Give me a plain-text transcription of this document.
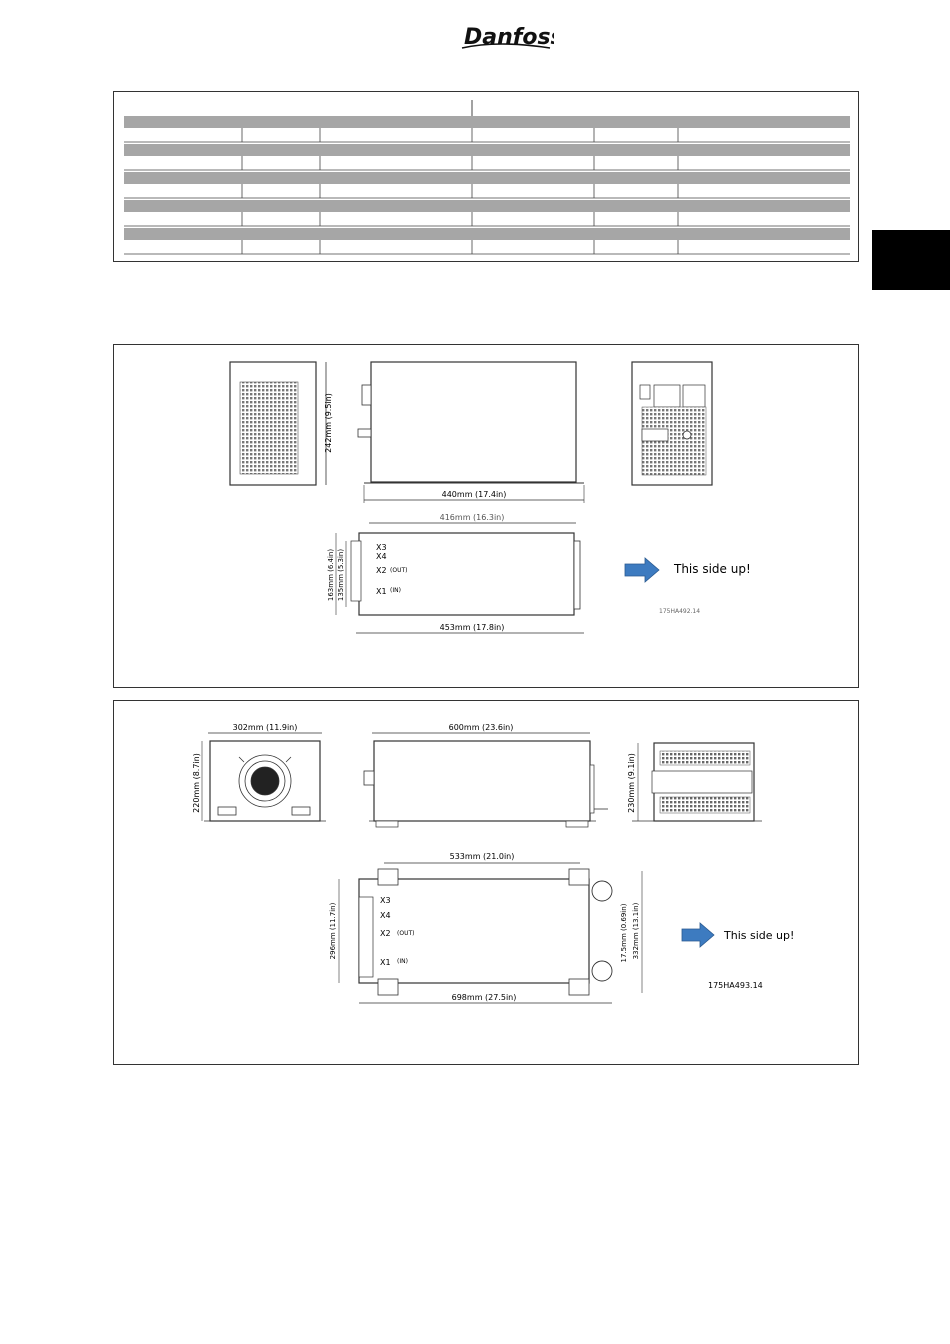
Danfoss
242mm (9.5in)
440mm (17.4in)
416mm (16.3in)
163mm (6.4in) 135mm (5.3in)
X3
X4
X2 (OUT)
X1 (IN)
453mm (17.8in)
This side up!
175HA492.14
302mm (11.9in)
220mm (8.7in)
600mm (23.6in)
230mm (9.1in)
533mm (21.0in)
X3
X4
X2 (OUT)
X1 (IN)
296mm (11.7in)	332mm (13.1in)
17.5mm (0.69in)
698mm (27.5in)
This side up!
175HA493.14
